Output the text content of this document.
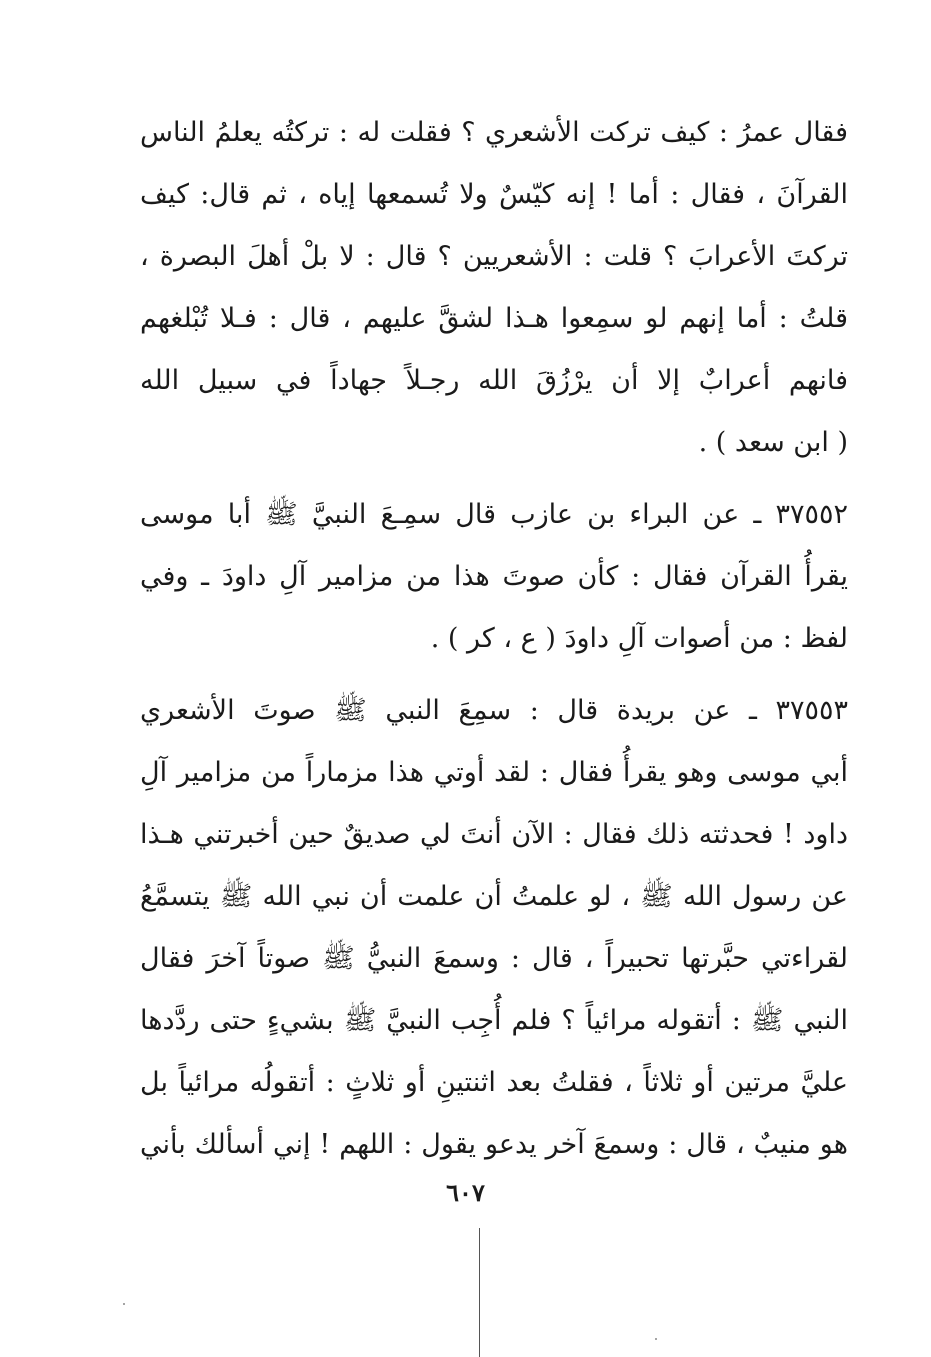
فقال عمرُ : كيف تركت الأشعري ؟ فقلت له : تركتُه يعلمُ الناس
القرآنَ ، فقال : أما ! إنه كيّسٌ ولا تُسمعها إياه ، ثم قال: كيف
تركتَ الأعرابَ ؟ قلت : الأشعريين ؟ قال : لا بلْ أهلَ البصرة ،
قلتُ : أما إنهم لو سمِعوا هـذا لشقَّ عليهم ، قال : فـلا تُبْلغهم
فانهم أعرابٌ إلا أن يرْزُقَ الله رجـلاً جهاداً في سبيل الله
( ابن سعد ) .
٣٧٥٥٢ ـ عن البراء بن عازب قال سمِـعَ النبيَّ ﷺ أبا موسى
يقرأُ القرآن فقال : كأن صوتَ هذا من مزامير آلِ داودَ ـ وفي
لفظ : من أصوات آلِ داودَ ( ع ، كر ) .
٣٧٥٥٣ ـ عن بريدة قال : سمِعَ النبي ﷺ صوتَ الأشعري
أبي موسى وهو يقرأُ فقال : لقد أوتي هذا مزماراً من مزامير آلِ
داود ! فحدثته ذلك فقال : الآن أنتَ لي صديقٌ حين أخبرتني هـذا
عن رسول الله ﷺ ، لو علمتُ أن علمت أن نبي الله ﷺ يتسمَّعُ
لقراءتي حبَّرتها تحبيراً ، قال : وسمعَ النبيُّ ﷺ صوتاً آخرَ فقال
النبي ﷺ : أتقوله مرائياً ؟ فلم أُجِب النبيَّ ﷺ بشيءٍ حتى ردَّدها
عليَّ مرتين أو ثلاثاً ، فقلتُ بعد اثنتينِ أو ثلاثٍ : أتقولُه مرائياً بل
هو منيبٌ ، قال : وسمعَ آخر يدعو يقول : اللهم ! إني أسألك بأني
٦٠٧
